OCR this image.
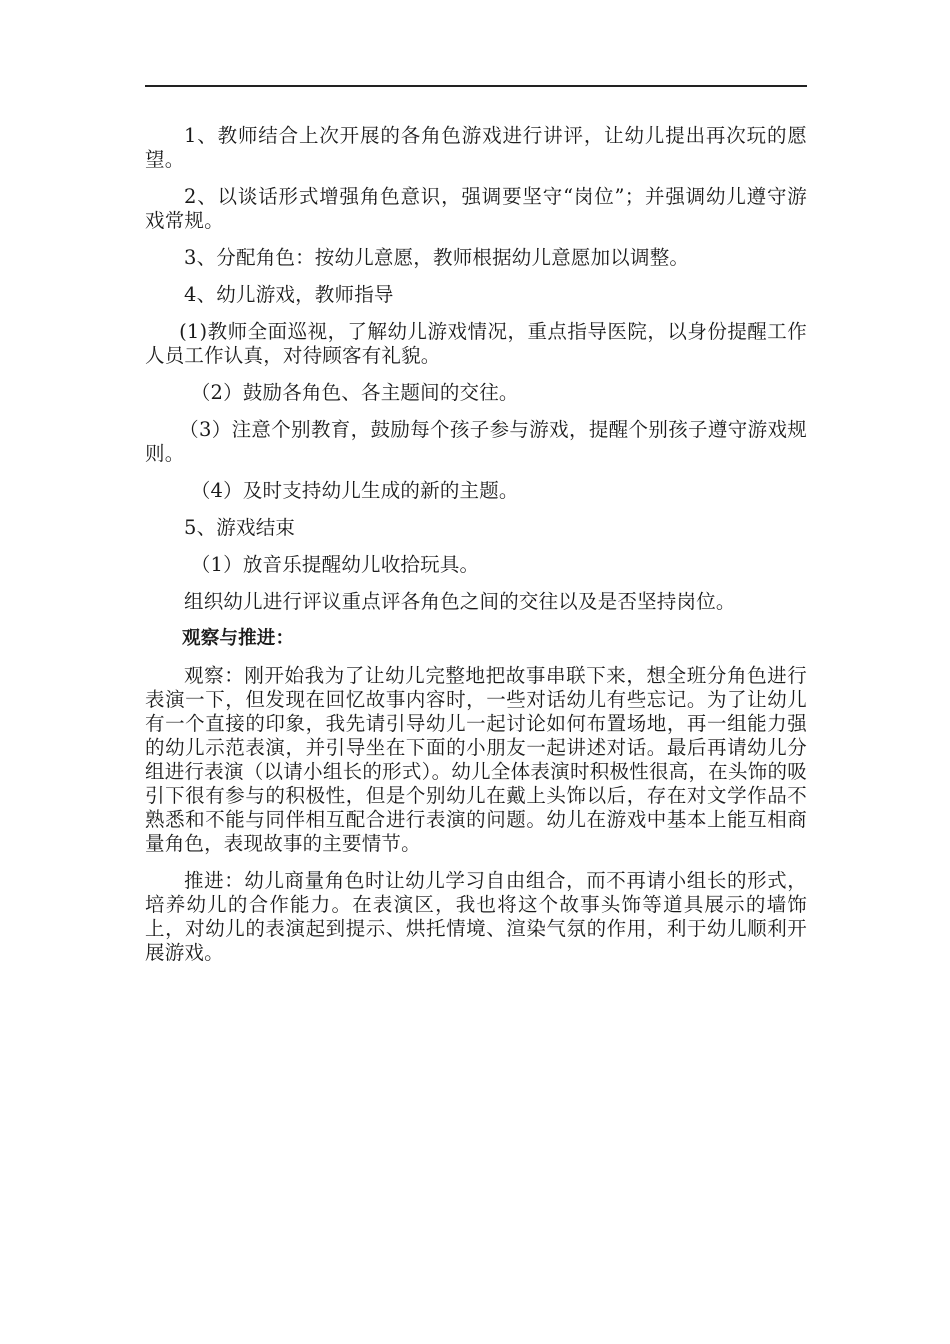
1、教师结合上次开展的各角色游戏进行讲评，让幼儿提出再次玩的愿望。

2、以谈话形式增强角色意识，强调要坚守“岗位”；并强调幼儿遵守游戏常规。

3、分配角色：按幼儿意愿，教师根据幼儿意愿加以调整。

4、幼儿游戏，教师指导

(1)教师全面巡视，了解幼儿游戏情况，重点指导医院，以身份提醒工作人员工作认真，对待顾客有礼貌。

（2）鼓励各角色、各主题间的交往。

（3）注意个别教育，鼓励每个孩子参与游戏，提醒个别孩子遵守游戏规则。

（4）及时支持幼儿生成的新的主题。

5、游戏结束

（1）放音乐提醒幼儿收拾玩具。

组织幼儿进行评议重点评各角色之间的交往以及是否坚持岗位。

观察与推进：

观察：刚开始我为了让幼儿完整地把故事串联下来，想全班分角色进行表演一下，但发现在回忆故事内容时，一些对话幼儿有些忘记。为了让幼儿有一个直接的印象，我先请引导幼儿一起讨论如何布置场地，再一组能力强的幼儿示范表演，并引导坐在下面的小朋友一起讲述对话。最后再请幼儿分组进行表演（以请小组长的形式）。幼儿全体表演时积极性很高，在头饰的吸引下很有参与的积极性，但是个别幼儿在戴上头饰以后，存在对文学作品不熟悉和不能与同伴相互配合进行表演的问题。幼儿在游戏中基本上能互相商量角色，表现故事的主要情节。

推进：幼儿商量角色时让幼儿学习自由组合，而不再请小组长的形式，培养幼儿的合作能力。在表演区，我也将这个故事头饰等道具展示的墙饰上，对幼儿的表演起到提示、烘托情境、渲染气氛的作用，利于幼儿顺利开展游戏。
